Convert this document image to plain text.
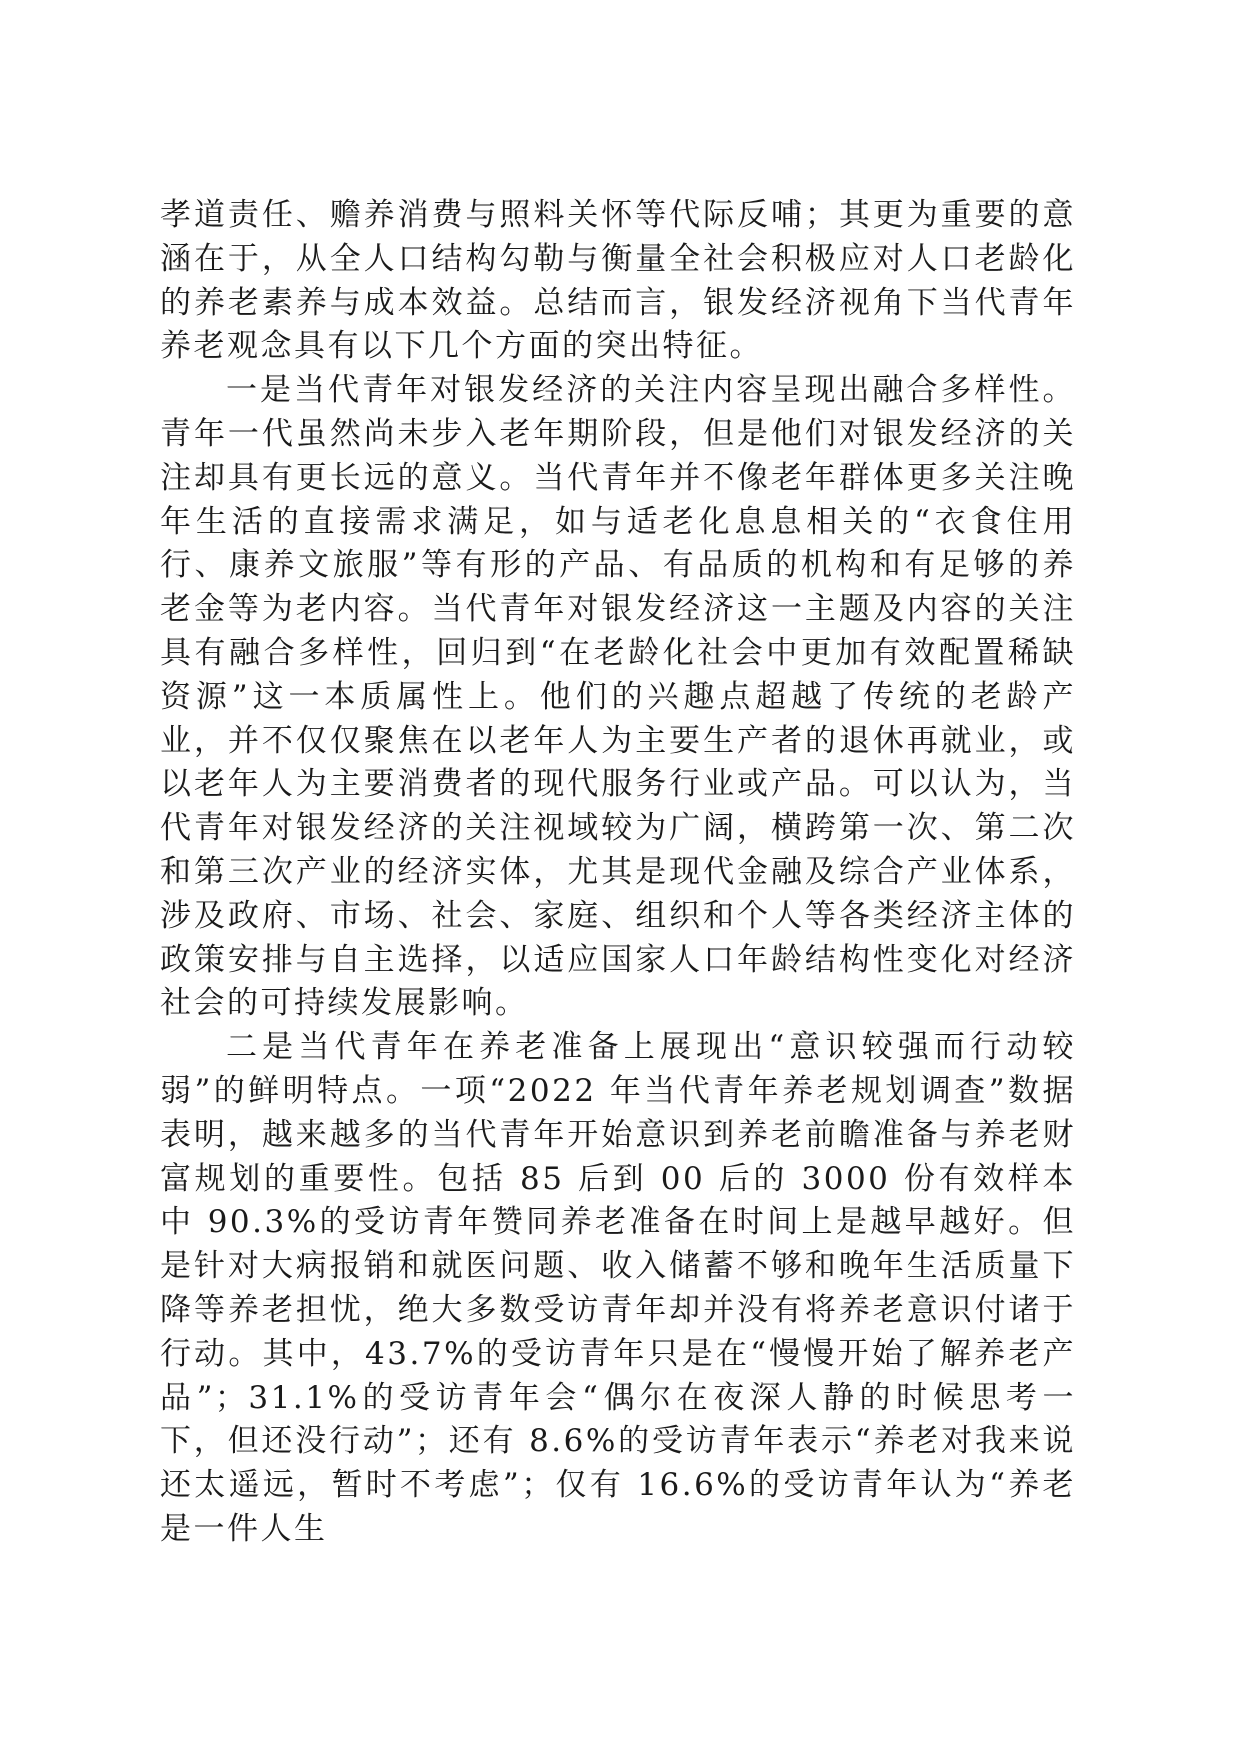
孝道责任、赡养消费与照料关怀等代际反哺；其更为重要的意涵在于，从全人口结构勾勒与衡量全社会积极应对人口老龄化的养老素养与成本效益。总结而言，银发经济视角下当代青年养老观念具有以下几个方面的突出特征。

一是当代青年对银发经济的关注内容呈现出融合多样性。青年一代虽然尚未步入老年期阶段，但是他们对银发经济的关注却具有更长远的意义。当代青年并不像老年群体更多关注晚年生活的直接需求满足，如与适老化息息相关的“衣食住用行、康养文旅服”等有形的产品、有品质的机构和有足够的养老金等为老内容。当代青年对银发经济这一主题及内容的关注具有融合多样性，回归到“在老龄化社会中更加有效配置稀缺资源”这一本质属性上。他们的兴趣点超越了传统的老龄产业，并不仅仅聚焦在以老年人为主要生产者的退休再就业，或以老年人为主要消费者的现代服务行业或产品。可以认为，当代青年对银发经济的关注视域较为广阔，横跨第一次、第二次和第三次产业的经济实体，尤其是现代金融及综合产业体系，涉及政府、市场、社会、家庭、组织和个人等各类经济主体的政策安排与自主选择，以适应国家人口年龄结构性变化对经济社会的可持续发展影响。

二是当代青年在养老准备上展现出“意识较强而行动较弱”的鲜明特点。一项“2022 年当代青年养老规划调查”数据表明，越来越多的当代青年开始意识到养老前瞻准备与养老财富规划的重要性。包括 85 后到 00 后的 3000 份有效样本中 90.3%的受访青年赞同养老准备在时间上是越早越好。但是针对大病报销和就医问题、收入储蓄不够和晚年生活质量下降等养老担忧，绝大多数受访青年却并没有将养老意识付诸于行动。其中，43.7%的受访青年只是在“慢慢开始了解养老产品”；31.1%的受访青年会“偶尔在夜深人静的时候思考一下，但还没行动”；还有 8.6%的受访青年表示“养老对我来说还太遥远，暂时不考虑”；仅有 16.6%的受访青年认为“养老是一件人生
